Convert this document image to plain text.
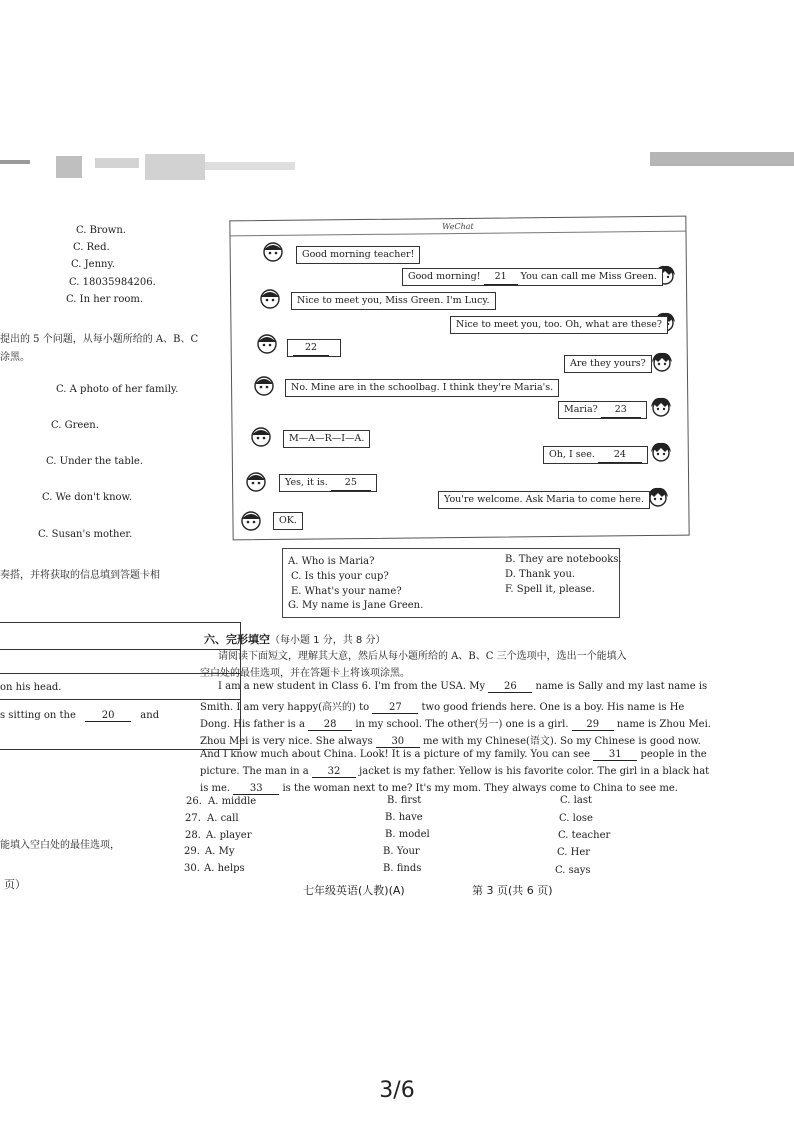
C. Brown.
C. Red.
C. Jenny.
C. 18035984206.
C. In her room.
提出的 5 个问题，从每小题所给的 A、B、C
涂黑。
C. A photo of her family.
C. Green.
C. Under the table.
C. We don't know.
C. Susan's mother.
奏搭，并将获取的信息填到答题卡相
on his head.
s sitting on the	20	and
能填入空白处的最佳选项，
页）
WeChat
Good morning teacher!
Good morning! 21 You can call me Miss Green.
Nice to meet you, Miss Green. I'm Lucy.
Nice to meet you, too. Oh, what are these?
22
Are they yours?
No. Mine are in the schoolbag. I think they're Maria's.
Maria? 23
M—A—R—I—A.
Oh, I see. 24
Yes, it is. 25
You're welcome. Ask Maria to come here.
OK.
A. Who is Maria?	B. They are notebooks.
C. Is this your cup?	D. Thank you.
E. What's your name?	F. Spell it, please.
G. My name is Jane Green.
六、完形填空（每小题 1 分，共 8 分）
请阅读下面短文，理解其大意，然后从每小题所给的 A、B、C 三个选项中，选出一个能填入
空白处的最佳选项，并在答题卡上将该项涂黑。
I am a new student in Class 6. I'm from the USA. My 26 name is Sally and my last name is
Smith. I am very happy(高兴的) to 27 two good friends here. One is a boy. His name is He
Dong. His father is a 28 in my school. The other(另一) one is a girl. 29 name is Zhou Mei.
Zhou Mei is very nice. She always 30 me with my Chinese(语文). So my Chinese is good now.
And I know much about China. Look! It is a picture of my family. You can see 31 people in the
picture. The man in a 32 jacket is my father. Yellow is his favorite color. The girl in a black hat
is me. 33 is the woman next to me? It's my mom. They always come to China to see me.
26. A. middle	B. first	C. last
27. A. call	B. have	C. lose
28. A. player	B. model	C. teacher
29. A. My	B. Your	C. Her
30. A. helps	B. finds	C. says
七年级英语(人教)(A)	第 3 页(共 6 页)
3/6
